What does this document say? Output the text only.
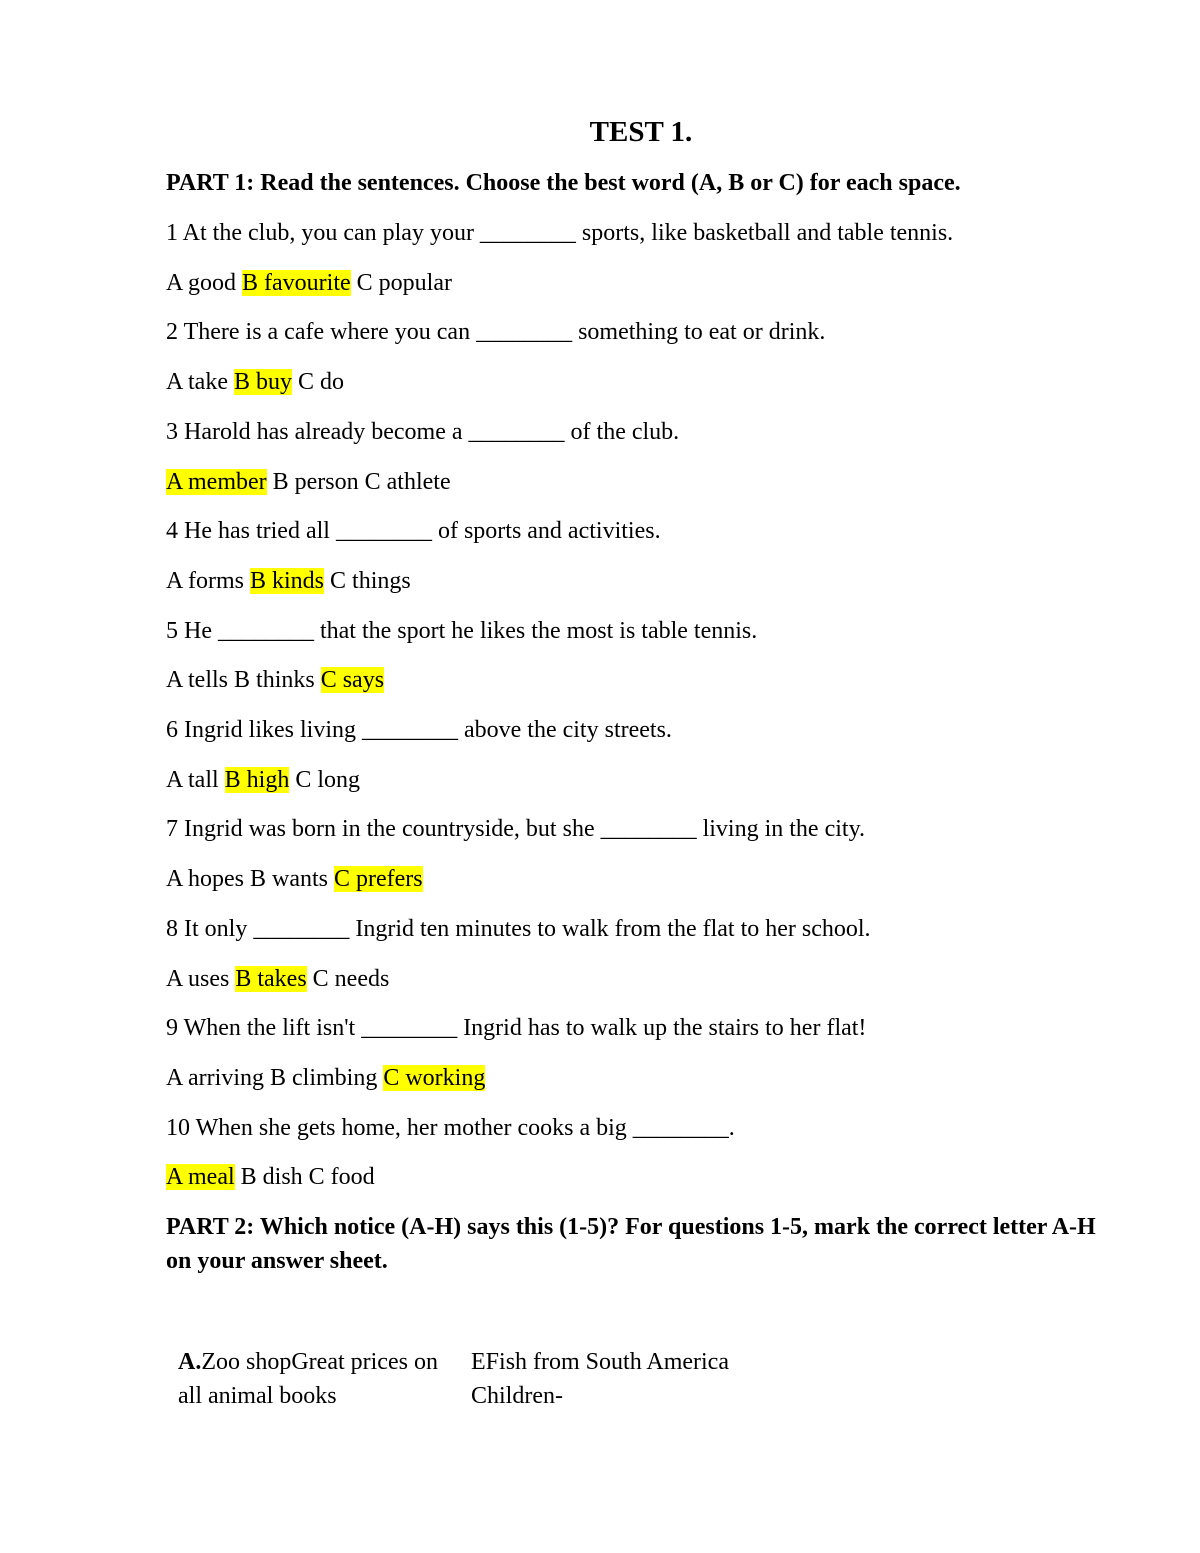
TEST 1.

PART 1: Read the sentences. Choose the best word (A, B or C) for each space.

1 At the club, you can play your ________ sports, like basketball and table tennis.

A good B favourite C popular

2 There is a cafe where you can ________ something to eat or drink.

A take B buy C do

3 Harold has already become a ________ of the club.

A member B person C athlete

4 He has tried all ________ of sports and activities.

A forms B kinds C things

5 He ________ that the sport he likes the most is table tennis.

A tells B thinks C says

6 Ingrid likes living ________ above the city streets.

A tall B high C long

7 Ingrid was born in the countryside, but she ________ living in the city.

A hopes B wants C prefers

8 It only ________ Ingrid ten minutes to walk from the flat to her school.

A uses B takes C needs

9 When the lift isn't ________ Ingrid has to walk up the stairs to her flat!

A arriving B climbing C working

10 When she gets home, her mother cooks a big ________.

A meal B dish C food

PART 2: Which notice (A-H) says this (1-5)? For questions 1-5, mark the correct letter A-H on your answer sheet.

A.Zoo shopGreat prices on all animal books
EFish from South America Children-
